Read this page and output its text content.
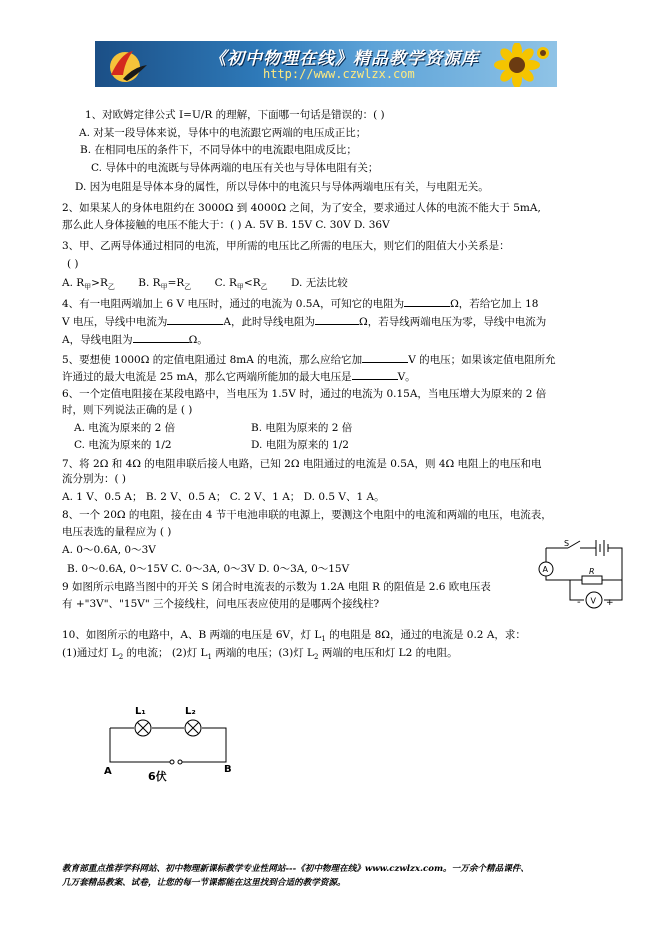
《初中物理在线》精品教学资源库
http://www.czwlzx.com
1、对欧姆定律公式 I=U/R 的理解，下面哪一句话是错误的：( )
A. 对某一段导体来说，导体中的电流跟它两端的电压成正比；
B. 在相同电压的条件下，不同导体中的电流跟电阻成反比；
C. 导体中的电流既与导体两端的电压有关也与导体电阻有关；
D. 因为电阻是导体本身的属性，所以导体中的电流只与导体两端电压有关，与电阻无关。
2、如果某人的身体电阻约在 3000Ω 到 4000Ω 之间，为了安全，要求通过人体的电流不能大于 5mA,
那么此人身体接触的电压不能大于：( ) A. 5V B. 15V C. 30V D. 36V
3、甲、乙两导体通过相同的电流，甲所需的电压比乙所需的电压大，则它们的阻值大小关系是：
( )
A. $R_甲>R_乙$ B. $R_甲=R_乙$ C. $R_甲<R_乙$ D. 无法比较
4、有一电阻两端加上 6 V 电压时，通过的电流为 0.5A，可知它的电阻为	Ω，若给它加上 18
V 电压，导线中电流为	A，此时导线电阻为	Ω，若导线两端电压为零，导线中电流为
A，导线电阻为	Ω。
5、要想使 1000Ω 的定值电阻通过 8mA 的电流，那么应给它加	V 的电压；如果该定值电阻所允
许通过的最大电流是 25 mA，那么它两端所能加的最大电压是	V。
6、一个定值电阻接在某段电路中，当电压为 1.5V 时，通过的电流为 0.15A，当电压增大为原来的 2 倍
时，则下列说法正确的是 ( )
A. 电流为原来的 2 倍	B. 电阻为原来的 2 倍
C. 电流为原来的 1/2	D. 电阻为原来的 1/2
7、将 2Ω 和 4Ω 的电阻串联后接人电路，已知 2Ω 电阻通过的电流是 0.5A，则 4Ω 电阻上的电压和电
流分别为：( )
A. 1 V、0.5 A； B. 2 V、0.5 A； C. 2 V、1 A； D. 0.5 V、1 A。
8、一个 20Ω 的电阻，接在由 4 节干电池串联的电源上，要测这个电阻中的电流和两端的电压，电流表，
电压表选的量程应为 ( )
A. 0～0.6A, 0～3V
B. 0～0.6A, 0～15V C. 0～3A, 0～3V D. 0～3A, 0～15V
S
A	R
V
-	+
9 如图所示电路当图中的开关 S 闭合时电流表的示数为 1.2A 电阻 R 的阻值是 2.6 欧电压表
有 +"3V"、"15V" 三个接线柱，问电压表应使用的是哪两个接线柱?
10、如图所示的电路中，A、B 两端的电压是 6V，灯 $L_1$ 的电阻是 8Ω，通过的电流是 0.2 A，求：
(1)通过灯 $L_2$ 的电流； (2)灯 $L_1$ 两端的电压；(3)灯 $L_2$ 两端的电压和灯 L2 的电阻。
L₁	L₂
A	B
6伏
教育部重点推荐学科网站、初中物理新课标教学专业性网站---《初中物理在线》www.czwlzx.com。一万余个精品课件、
几万套精品教案、试卷，让您的每一节课都能在这里找到合适的教学资源。
